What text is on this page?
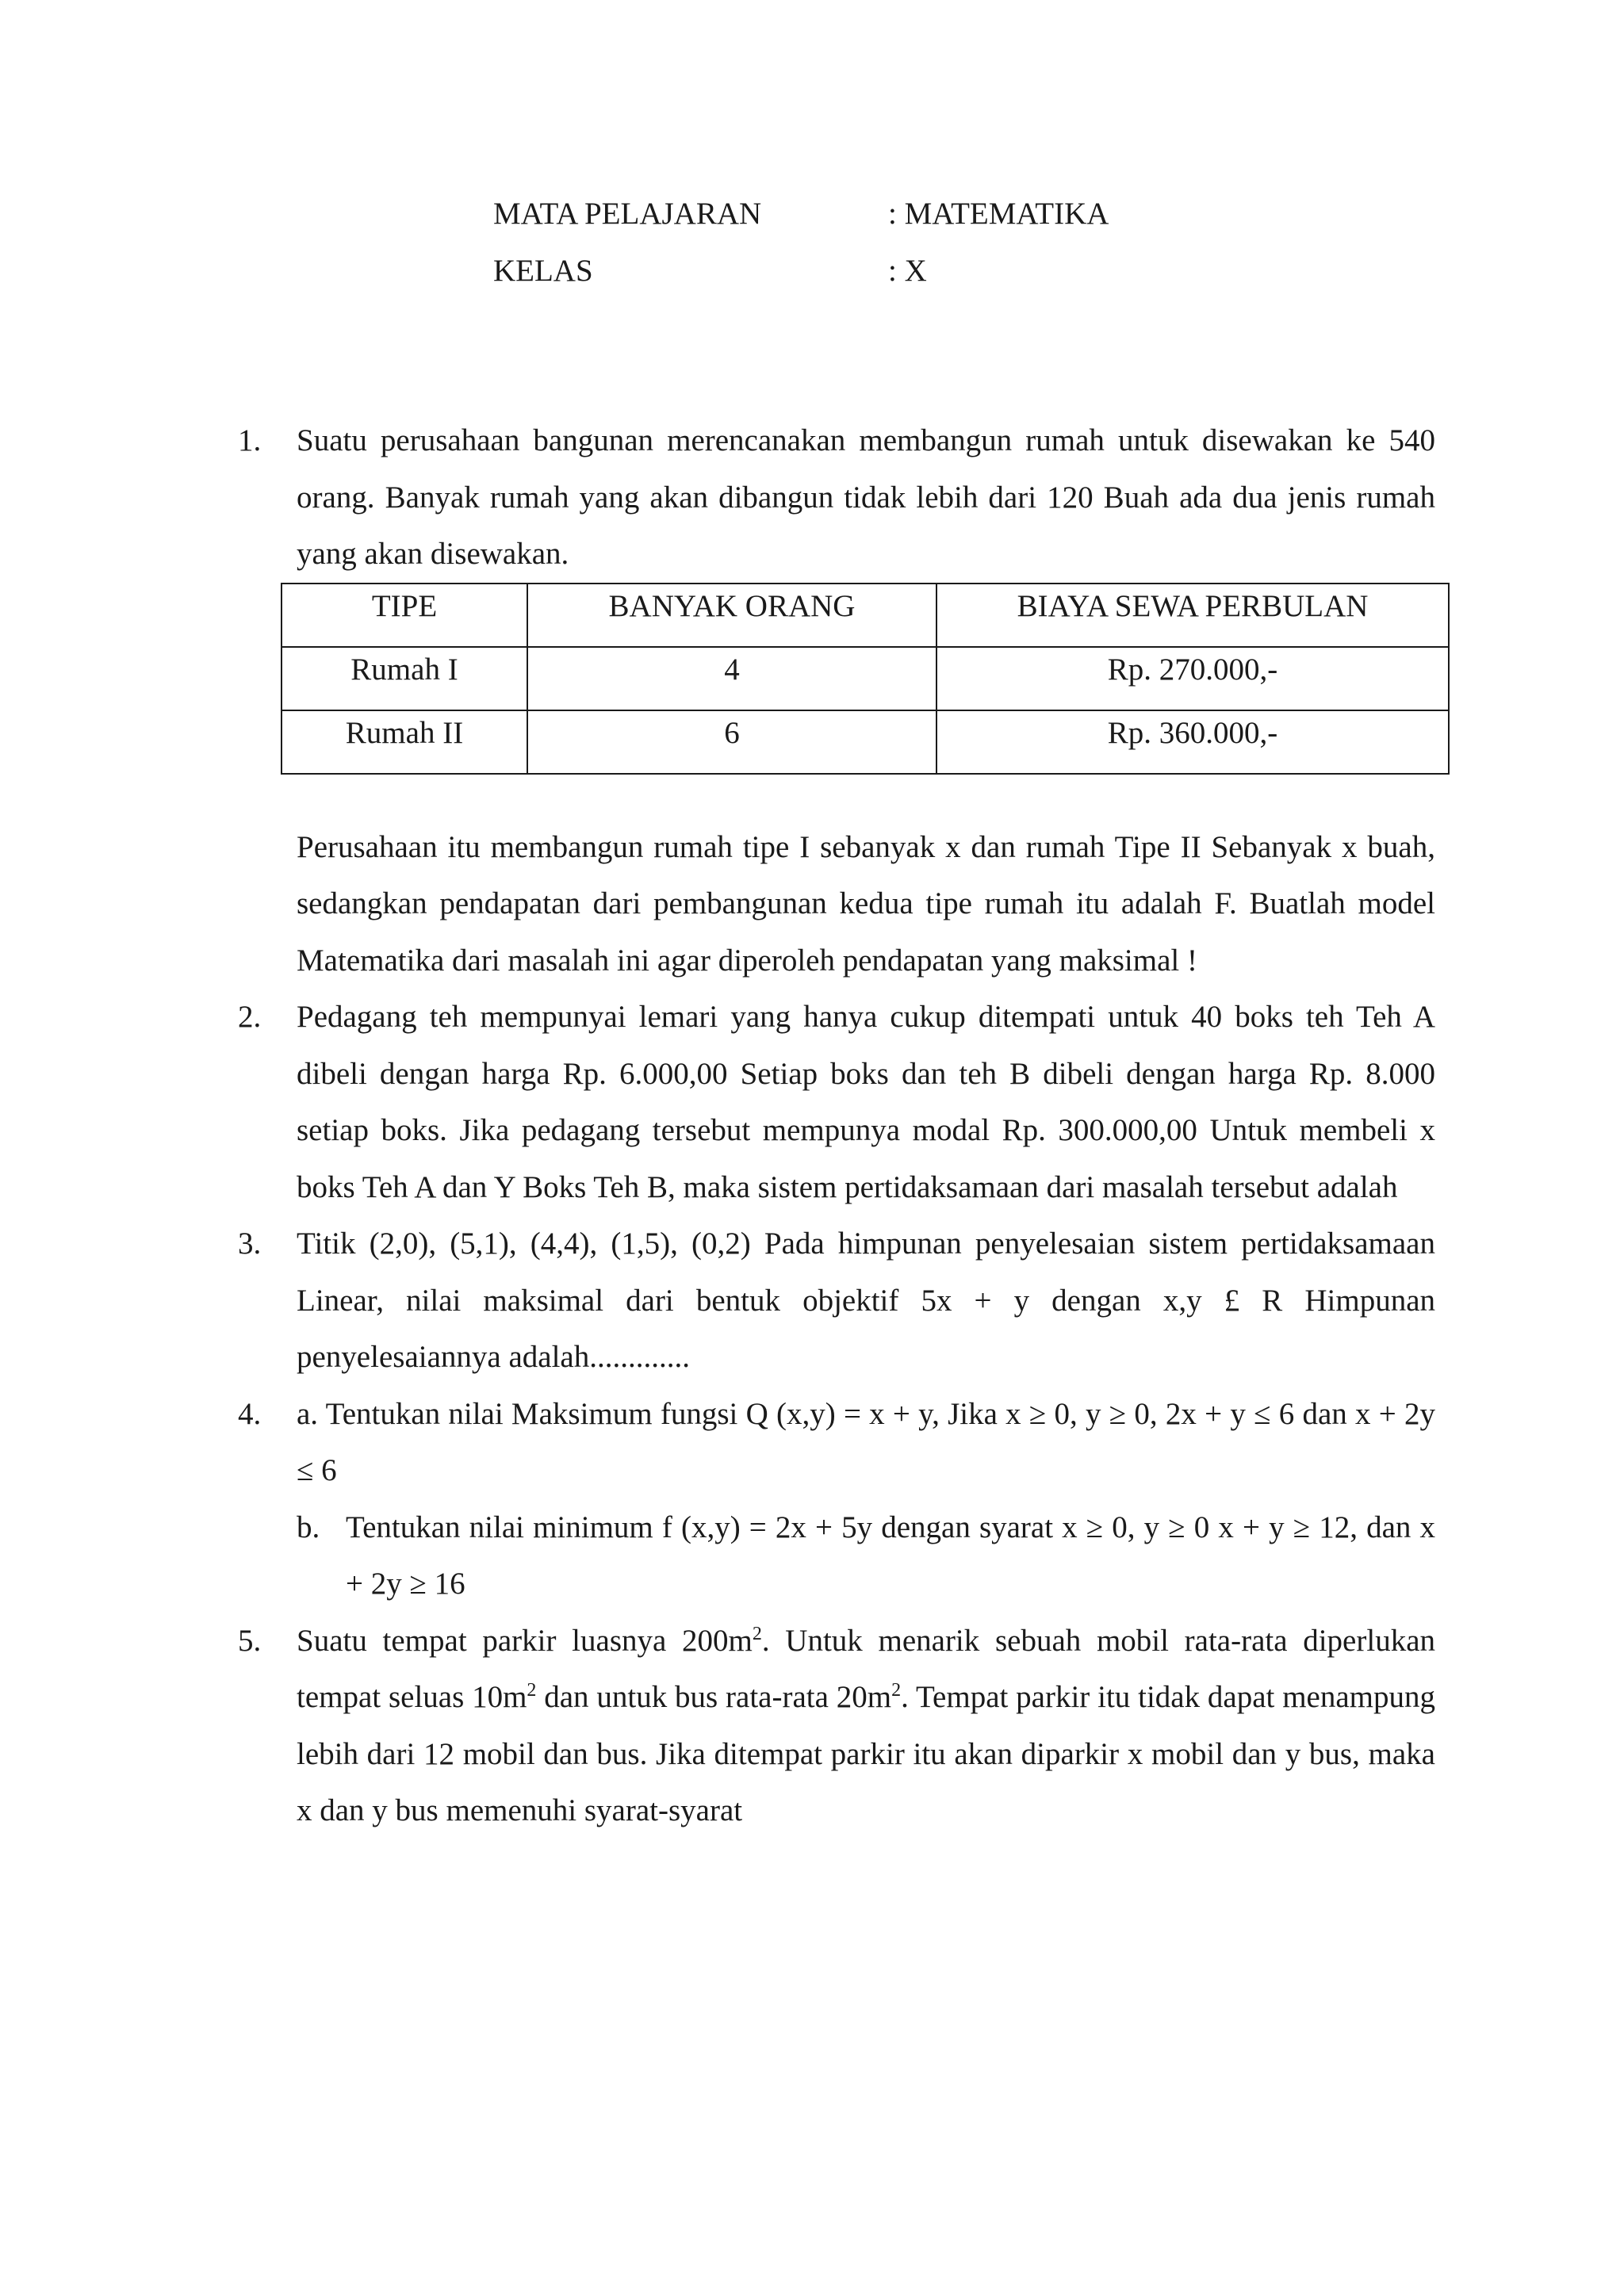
MATA PELAJARAN	: MATEMATIKA
KELAS	: X
1.	Suatu perusahaan bangunan merencanakan membangun rumah untuk disewakan ke 540 orang. Banyak rumah yang akan dibangun tidak lebih dari 120 Buah ada dua jenis rumah yang akan disewakan.

TIPE	BANYAK ORANG	BIAYA SEWA PERBULAN
Rumah I	4	Rp. 270.000,-
Rumah II	6	Rp. 360.000,-

Perusahaan itu membangun rumah tipe I sebanyak x dan rumah Tipe II Sebanyak x buah, sedangkan pendapatan dari pembangunan kedua tipe rumah itu adalah F. Buatlah model Matematika dari masalah ini agar diperoleh pendapatan yang maksimal !

2.	Pedagang teh mempunyai lemari yang hanya cukup ditempati untuk 40 boks teh Teh A dibeli dengan harga Rp. 6.000,00 Setiap boks dan teh B dibeli dengan harga Rp. 8.000 setiap boks. Jika pedagang tersebut mempunya modal Rp. 300.000,00 Untuk membeli x boks Teh A dan Y Boks Teh B, maka sistem pertidaksamaan dari masalah tersebut adalah

3.	Titik (2,0), (5,1), (4,4), (1,5), (0,2) Pada himpunan penyelesaian sistem pertidaksamaan Linear, nilai maksimal dari bentuk objektif 5x + y dengan x,y £ R Himpunan penyelesaiannya adalah.............

4.	a. Tentukan nilai Maksimum fungsi Q (x,y) = x + y, Jika x ≥ 0, y ≥ 0, 2x + y ≤ 6 dan x + 2y ≤ 6

b. Tentukan nilai minimum f (x,y) = 2x + 5y dengan syarat x ≥ 0, y ≥ 0 x + y ≥ 12, dan x + 2y ≥ 16

5.	Suatu tempat parkir luasnya $200m^2$. Untuk menarik sebuah mobil rata-rata diperlukan tempat seluas $10m^2$ dan untuk bus rata-rata $20m^2$. Tempat parkir itu tidak dapat menampung lebih dari 12 mobil dan bus. Jika ditempat parkir itu akan diparkir x mobil dan y bus, maka x dan y bus memenuhi syarat-syarat
